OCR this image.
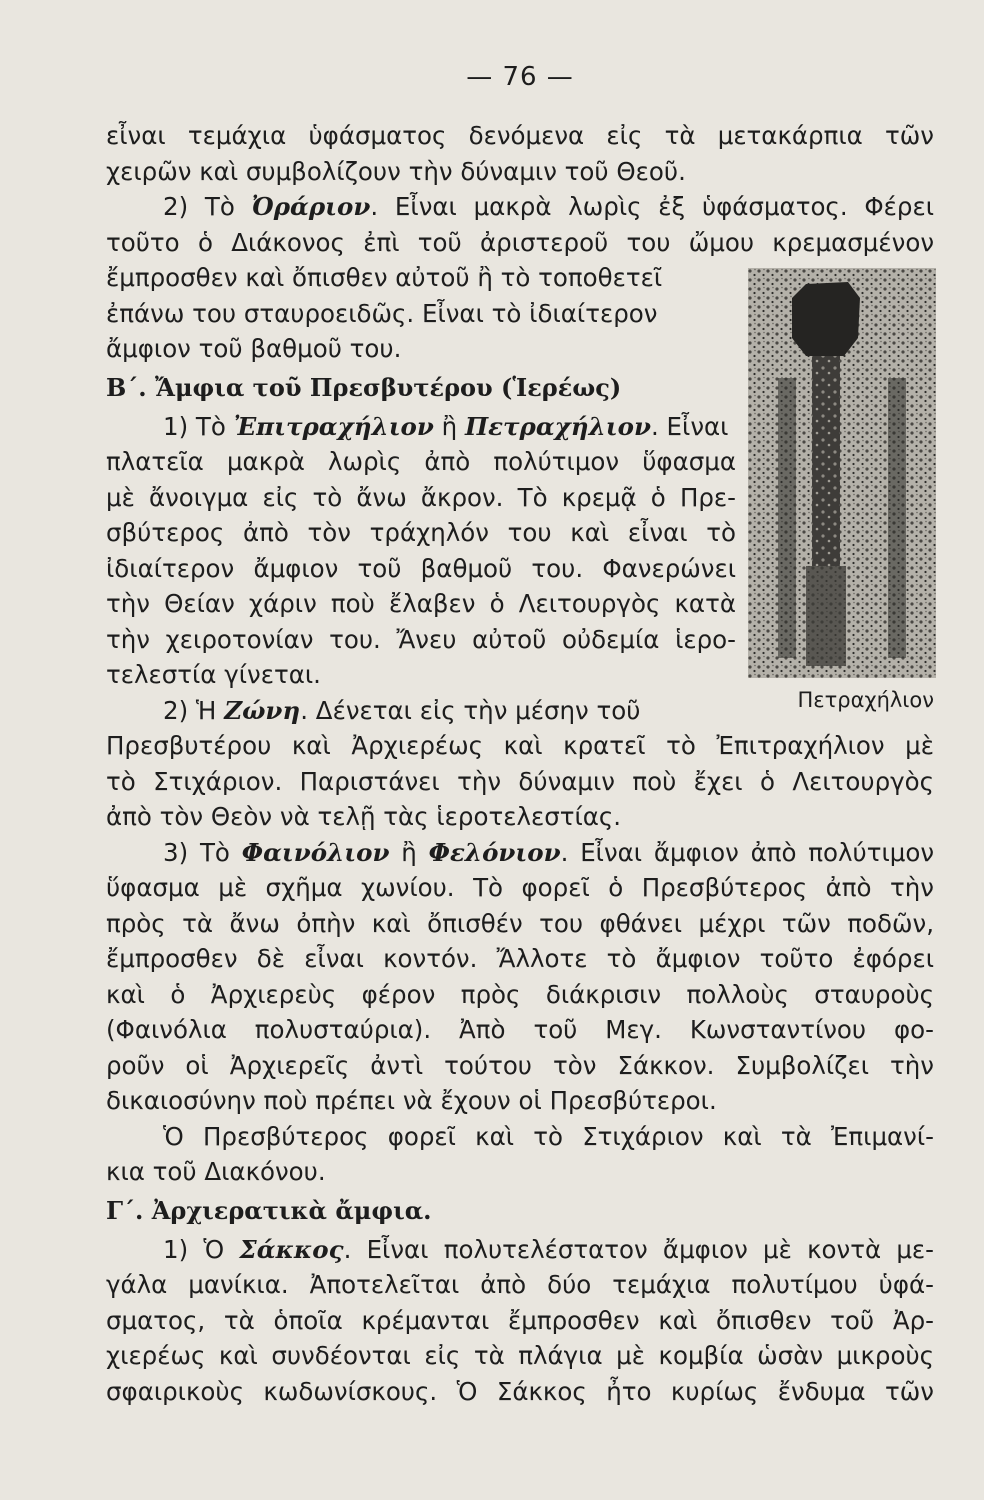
— 76 —
Πετραχήλιον
εἶναι τεμάχια ὑφάσματος δενόμενα εἰς τὰ μετακάρπια τῶν
χειρῶν καὶ συμβολίζουν τὴν δύναμιν τοῦ Θεοῦ.
2) Τὸ Ὀράριον. Εἶναι μακρὰ λωρὶς ἐξ ὑφάσματος. Φέρει
τοῦτο ὁ Διάκονος ἐπὶ τοῦ ἀριστεροῦ του ὤμου κρεμασμένον
ἔμπροσθεν καὶ ὄπισθεν αὐτοῦ ἢ τὸ τοποθετεῖ
ἐπάνω του σταυροειδῶς. Εἶναι τὸ ἰδιαίτερον
ἄμφιον τοῦ βαθμοῦ του.
Β΄. Ἄμφια τοῦ Πρεσβυτέρου (Ἱερέως)
1) Τὸ Ἐπιτραχήλιον ἢ Πετραχήλιον. Εἶναι
πλατεῖα μακρὰ λωρὶς ἀπὸ πολύτιμον ὕφασμα
μὲ ἄνοιγμα εἰς τὸ ἄνω ἄκρον. Τὸ κρεμᾷ ὁ Πρε-
σβύτερος ἀπὸ τὸν τράχηλόν του καὶ εἶναι τὸ
ἰδιαίτερον ἄμφιον τοῦ βαθμοῦ του. Φανερώνει
τὴν Θείαν χάριν ποὺ ἔλαβεν ὁ Λειτουργὸς κατὰ
τὴν χειροτονίαν του. Ἄνευ αὐτοῦ οὐδεμία ἱερο-
τελεστία γίνεται.
2) Ἡ Ζώνη. Δένεται εἰς τὴν μέσην τοῦ
Πρεσβυτέρου καὶ Ἀρχιερέως καὶ κρατεῖ τὸ Ἐπιτραχήλιον μὲ
τὸ Στιχάριον. Παριστάνει τὴν δύναμιν ποὺ ἔχει ὁ Λειτουργὸς
ἀπὸ τὸν Θεὸν νὰ τελῇ τὰς ἱεροτελεστίας.
3) Τὸ Φαινόλιον ἢ Φελόνιον. Εἶναι ἄμφιον ἀπὸ πολύτιμον
ὕφασμα μὲ σχῆμα χωνίου. Τὸ φορεῖ ὁ Πρεσβύτερος ἀπὸ τὴν
πρὸς τὰ ἄνω ὀπὴν καὶ ὄπισθέν του φθάνει μέχρι τῶν ποδῶν,
ἔμπροσθεν δὲ εἶναι κοντόν. Ἄλλοτε τὸ ἄμφιον τοῦτο ἐφόρει
καὶ ὁ Ἀρχιερεὺς φέρον πρὸς διάκρισιν πολλοὺς σταυροὺς
(Φαινόλια πολυσταύρια). Ἀπὸ τοῦ Μεγ. Κωνσταντίνου φο-
ροῦν οἱ Ἀρχιερεῖς ἀντὶ τούτου τὸν Σάκκον. Συμβολίζει τὴν
δικαιοσύνην ποὺ πρέπει νὰ ἔχουν οἱ Πρεσβύτεροι.
Ὁ Πρεσβύτερος φορεῖ καὶ τὸ Στιχάριον καὶ τὰ Ἐπιμανί-
κια τοῦ Διακόνου.
Γ΄. Ἀρχιερατικὰ ἄμφια.
1) Ὁ Σάκκος. Εἶναι πολυτελέστατον ἄμφιον μὲ κοντὰ με-
γάλα μανίκια. Ἀποτελεῖται ἀπὸ δύο τεμάχια πολυτίμου ὑφά-
σματος, τὰ ὁποῖα κρέμανται ἔμπροσθεν καὶ ὄπισθεν τοῦ Ἀρ-
χιερέως καὶ συνδέονται εἰς τὰ πλάγια μὲ κομβία ὡσὰν μικροὺς
σφαιρικοὺς κωδωνίσκους. Ὁ Σάκκος ἦτο κυρίως ἔνδυμα τῶν
